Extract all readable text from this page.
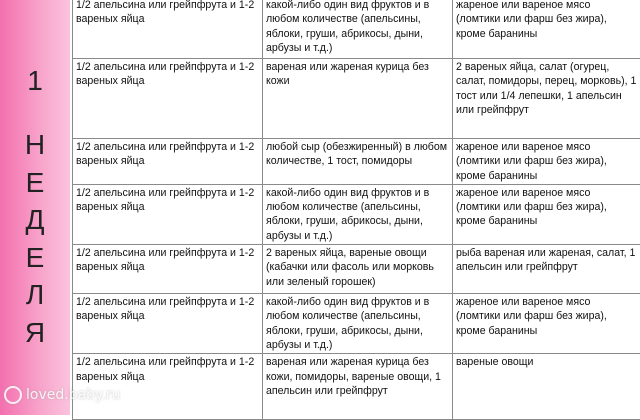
1
Н
Е
Д
Е
Л
Я
1/2 апельсина или грейпфрута и 1-2 вареных яйца	какой-либо один вид фруктов и в любом количестве (апельсины, яблоки, груши, абрикосы, дыни, арбузы и т.д.)	жареное или вареное мясо (ломтики или фарш без жира), кроме баранины
1/2 апельсина или грейпфрута и 1-2 вареных яйца	вареная или жареная курица без кожи	2 вареных яйца, салат (огурец, салат, помидоры, перец, морковь), 1 тост или 1/4 лепешки, 1 апельсин или грейпфрут
1/2 апельсина или грейпфрута и 1-2 вареных яйца	любой сыр (обезжиренный) в любом количестве, 1 тост, помидоры	жареное или вареное мясо (ломтики или фарш без жира), кроме баранины
1/2 апельсина или грейпфрута и 1-2 вареных яйца	какой-либо один вид фруктов и в любом количестве (апельсины, яблоки, груши, абрикосы, дыни, арбузы и т.д.)	жареное или вареное мясо (ломтики или фарш без жира), кроме баранины
1/2 апельсина или грейпфрута и 1-2 вареных яйца	2 вареных яйца, вареные овощи (кабачки или фасоль или морковь или зеленый горошек)	рыба вареная или жареная, салат, 1 апельсин или грейпфрут
1/2 апельсина или грейпфрута и 1-2 вареных яйца	какой-либо один вид фруктов и в любом количестве (апельсины, яблоки, груши, абрикосы, дыни, арбузы и т.д.)	жареное или вареное мясо (ломтики или фарш без жира), кроме баранины
1/2 апельсина или грейпфрута и 1-2 вареных яйца	вареная или жареная курица без кожи, помидоры, вареные овощи, 1 апельсин или грейпфрут	вареные овощи
loved.baby.ru
